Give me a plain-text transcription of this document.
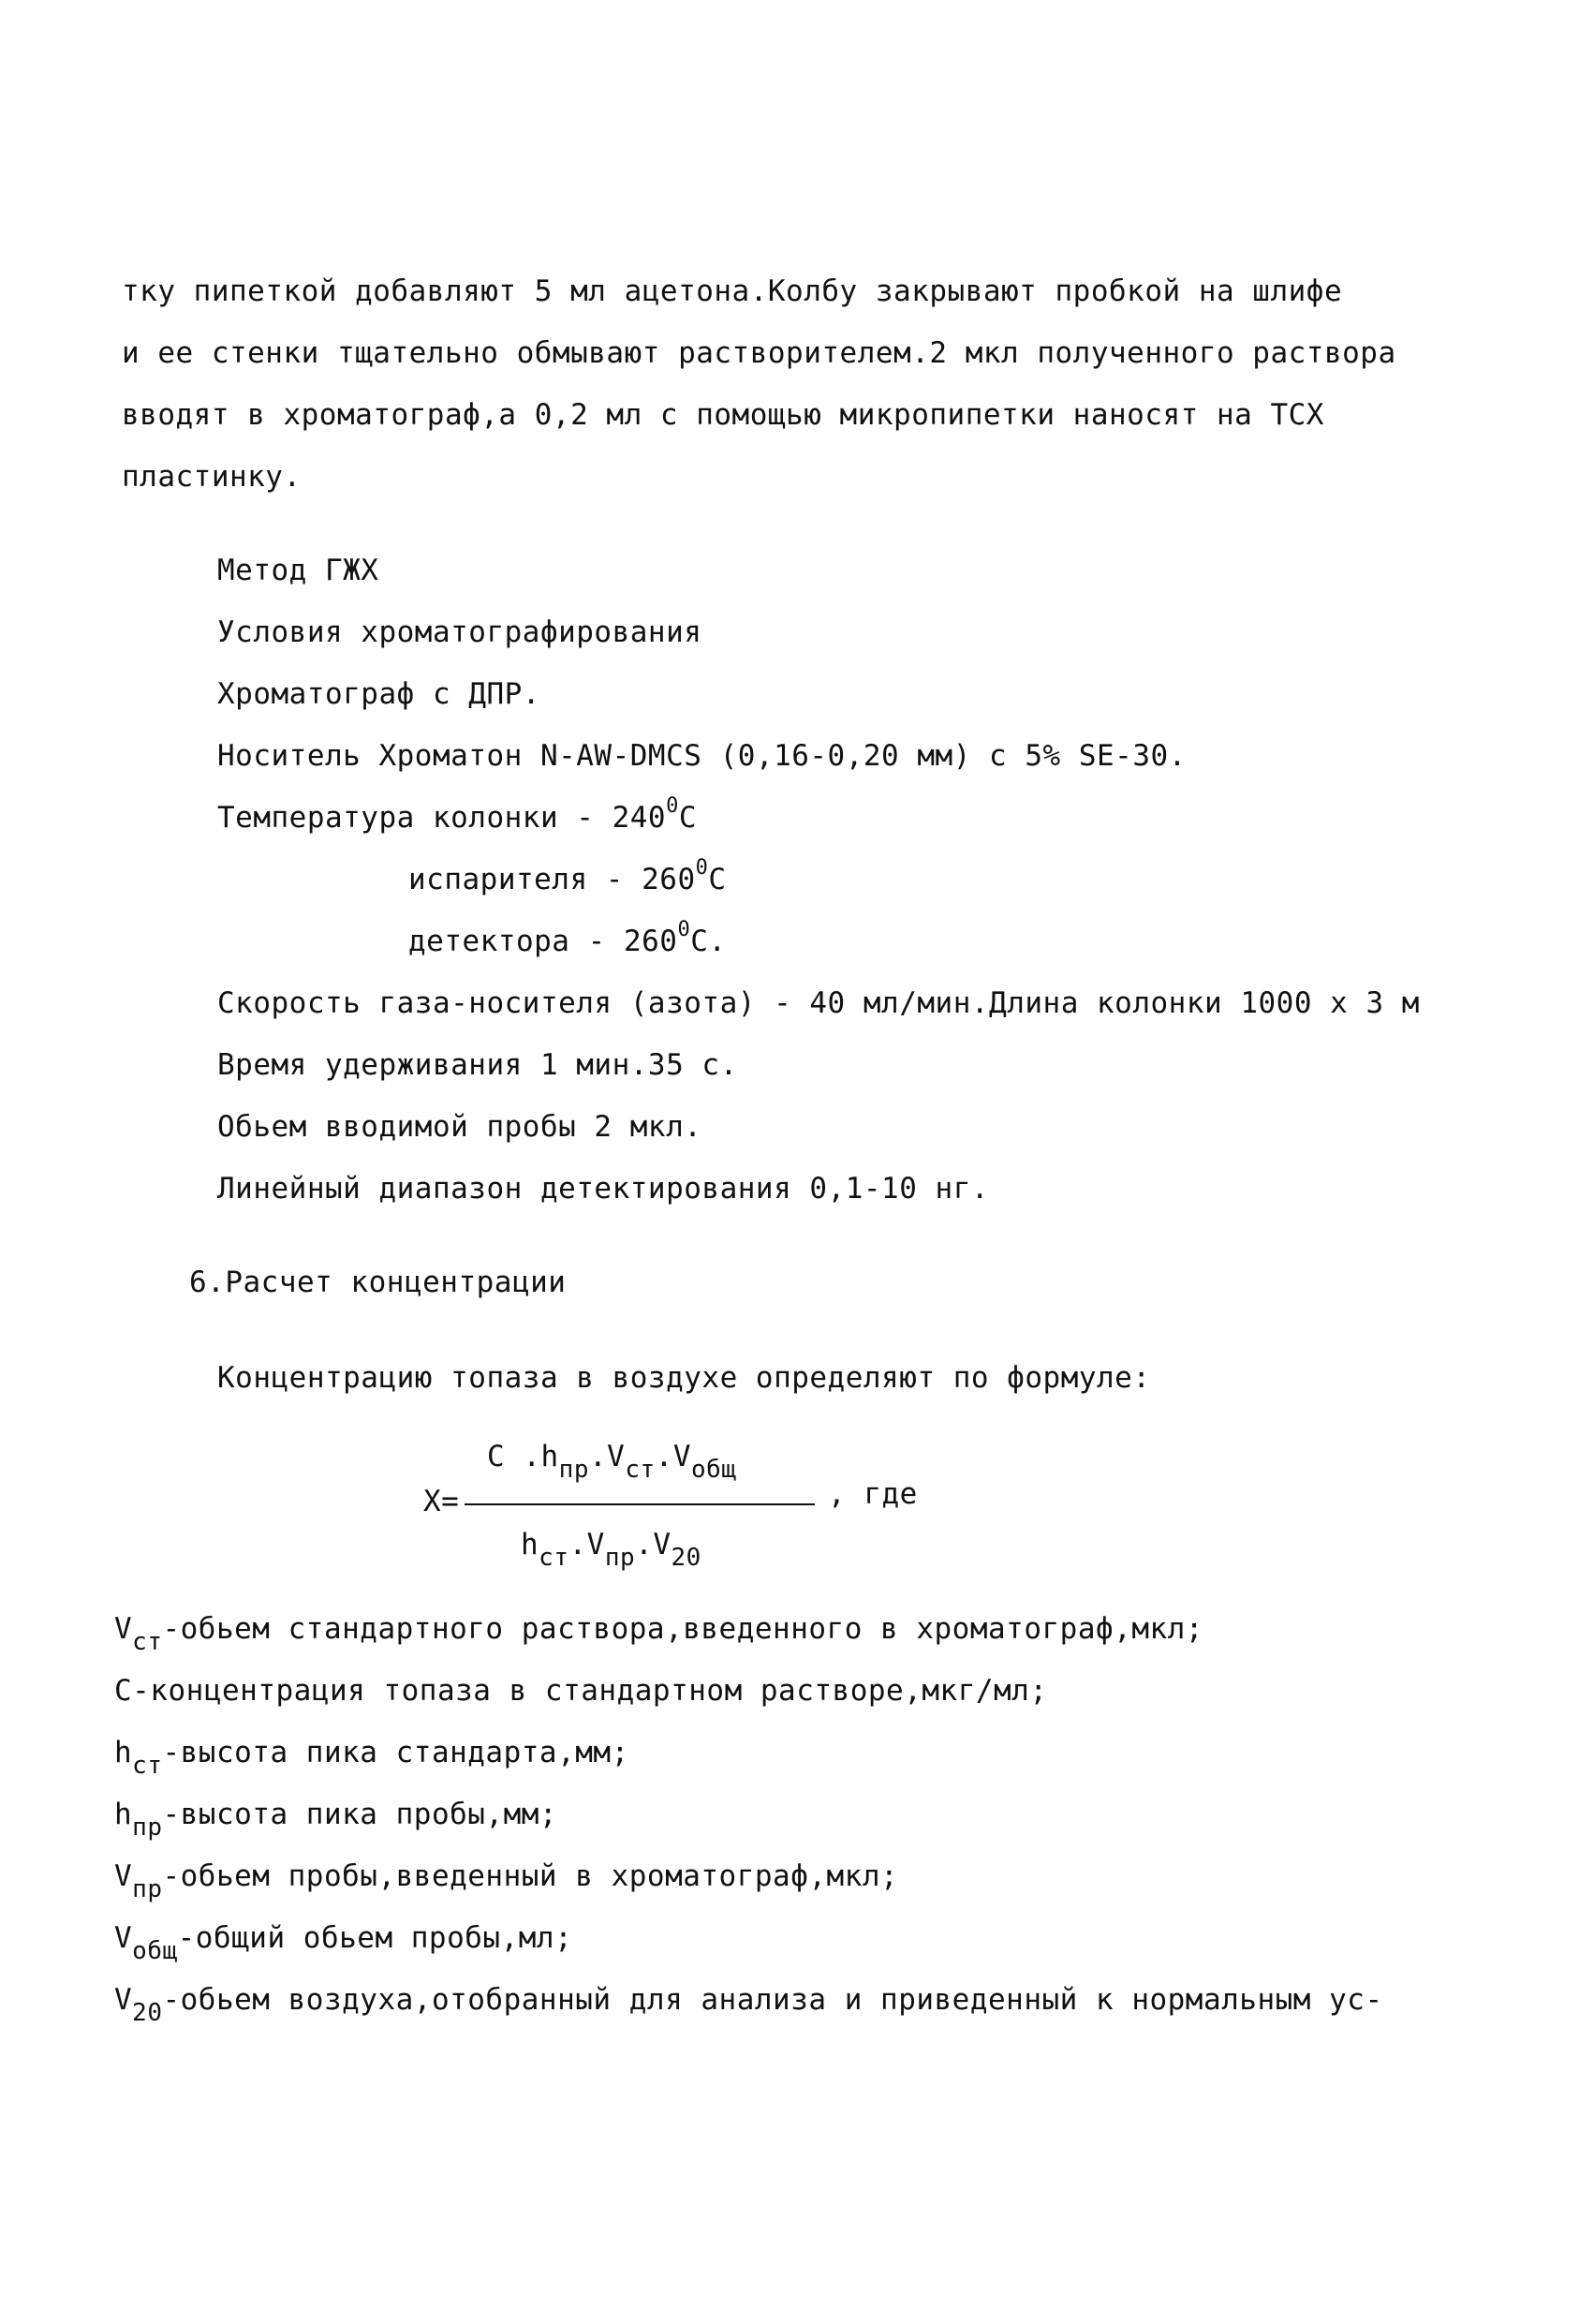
тку пипеткой добавляют 5 мл ацетона.Колбу закрывают пробкой на шлифе
и ее стенки тщательно обмывают растворителем.2 мкл полученного раствора
вводят в хроматограф,а 0,2 мл с помощью микропипетки наносят на ТСХ
пластинку.
Метод ГЖХ
Условия хроматографирования
Хроматограф с ДПР.
Носитель Хроматон N-AW-DMCS (0,16-0,20 мм) с 5% SE-30.
Температура колонки - $240^0C$
испарителя - $260^0C$
детектора - $260^0C$.
Скорость газа-носителя (азота) - 40 мл/мин.Длина колонки 1000 х 3 м
Время удерживания 1 мин.35 с.
Обьем вводимой пробы 2 мкл.
Линейный диапазон детектирования 0,1-10 нг.
6.Расчет концентрации
Концентрацию топаза в воздухе определяют по формуле:
С $.h_{пр}.V_{ст}.V_{общ}$
Х=	, где
$h_{ст}.V_{пр}.V_{20}$
$V_{ст}$-обьем стандартного раствора,введенного в хроматограф,мкл;
С-концентрация топаза в стандартном растворе,мкг/мл;
$h_{ст}$-высота пика стандарта,мм;
$h_{пр}$-высота пика пробы,мм;
$V_{пр}$-обьем пробы,введенный в хроматограф,мкл;
$V_{общ}$-общий обьем пробы,мл;
$V_{20}$-обьем воздуха,отобранный для анализа и приведенный к нормальным ус-
